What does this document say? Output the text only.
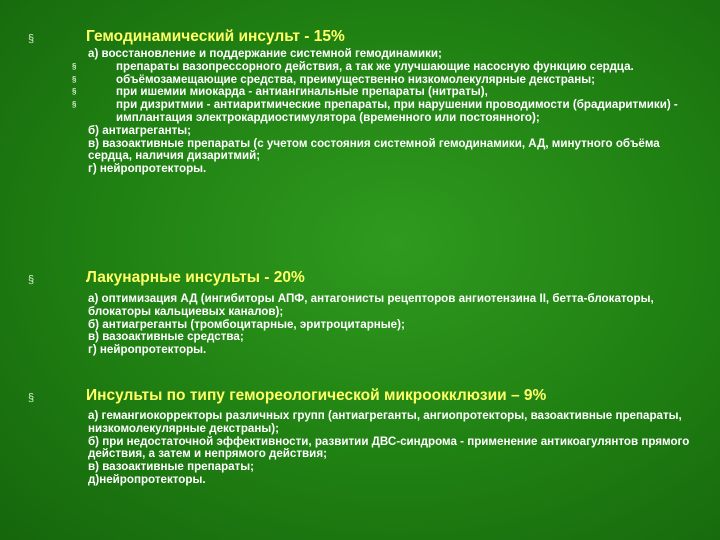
§	Гемодинамический инсульт - 15%

а) восстановление и поддержание системной гемодинамики;

§	препараты вазопрессорного действия, а так же улучшающие насосную функцию сердца.
§	объёмозамещающие средства, преимущественно низкомолекулярные декстраны;
§	при ишемии миокарда - антиангинальные препараты (нитраты),
§	при дизритмии - антиаритмические препараты, при нарушении проводимости (брадиаритмики) - имплантация электрокардиостимулятора (временного или постоянного);

б) антиагреганты;

в) вазоактивные препараты (с учетом состояния системной гемодинамики, АД, минутного объёма сердца, наличия дизаритмий;

г) нейропротекторы.

§	Лакунарные инсульты - 20%

а) оптимизация АД (ингибиторы АПФ, антагонисты рецепторов ангиотензина II, бетта-блокаторы, блокаторы кальциевых каналов);

б) антиагреганты (тромбоцитарные, эритроцитарные);

в) вазоактивные средства;

г) нейропротекторы.

§	Инсульты по типу гемореологической микроокклюзии – 9%

а) гемангиокорректоры различных групп (антиагреганты, ангиопротекторы, вазоактивные препараты, низкомолекулярные декстраны);

б) при недостаточной эффективности, развитии ДВС-синдрома - применение антикоагулянтов прямого действия, а затем и непрямого действия;

в) вазоактивные препараты;

д)нейропротекторы.
